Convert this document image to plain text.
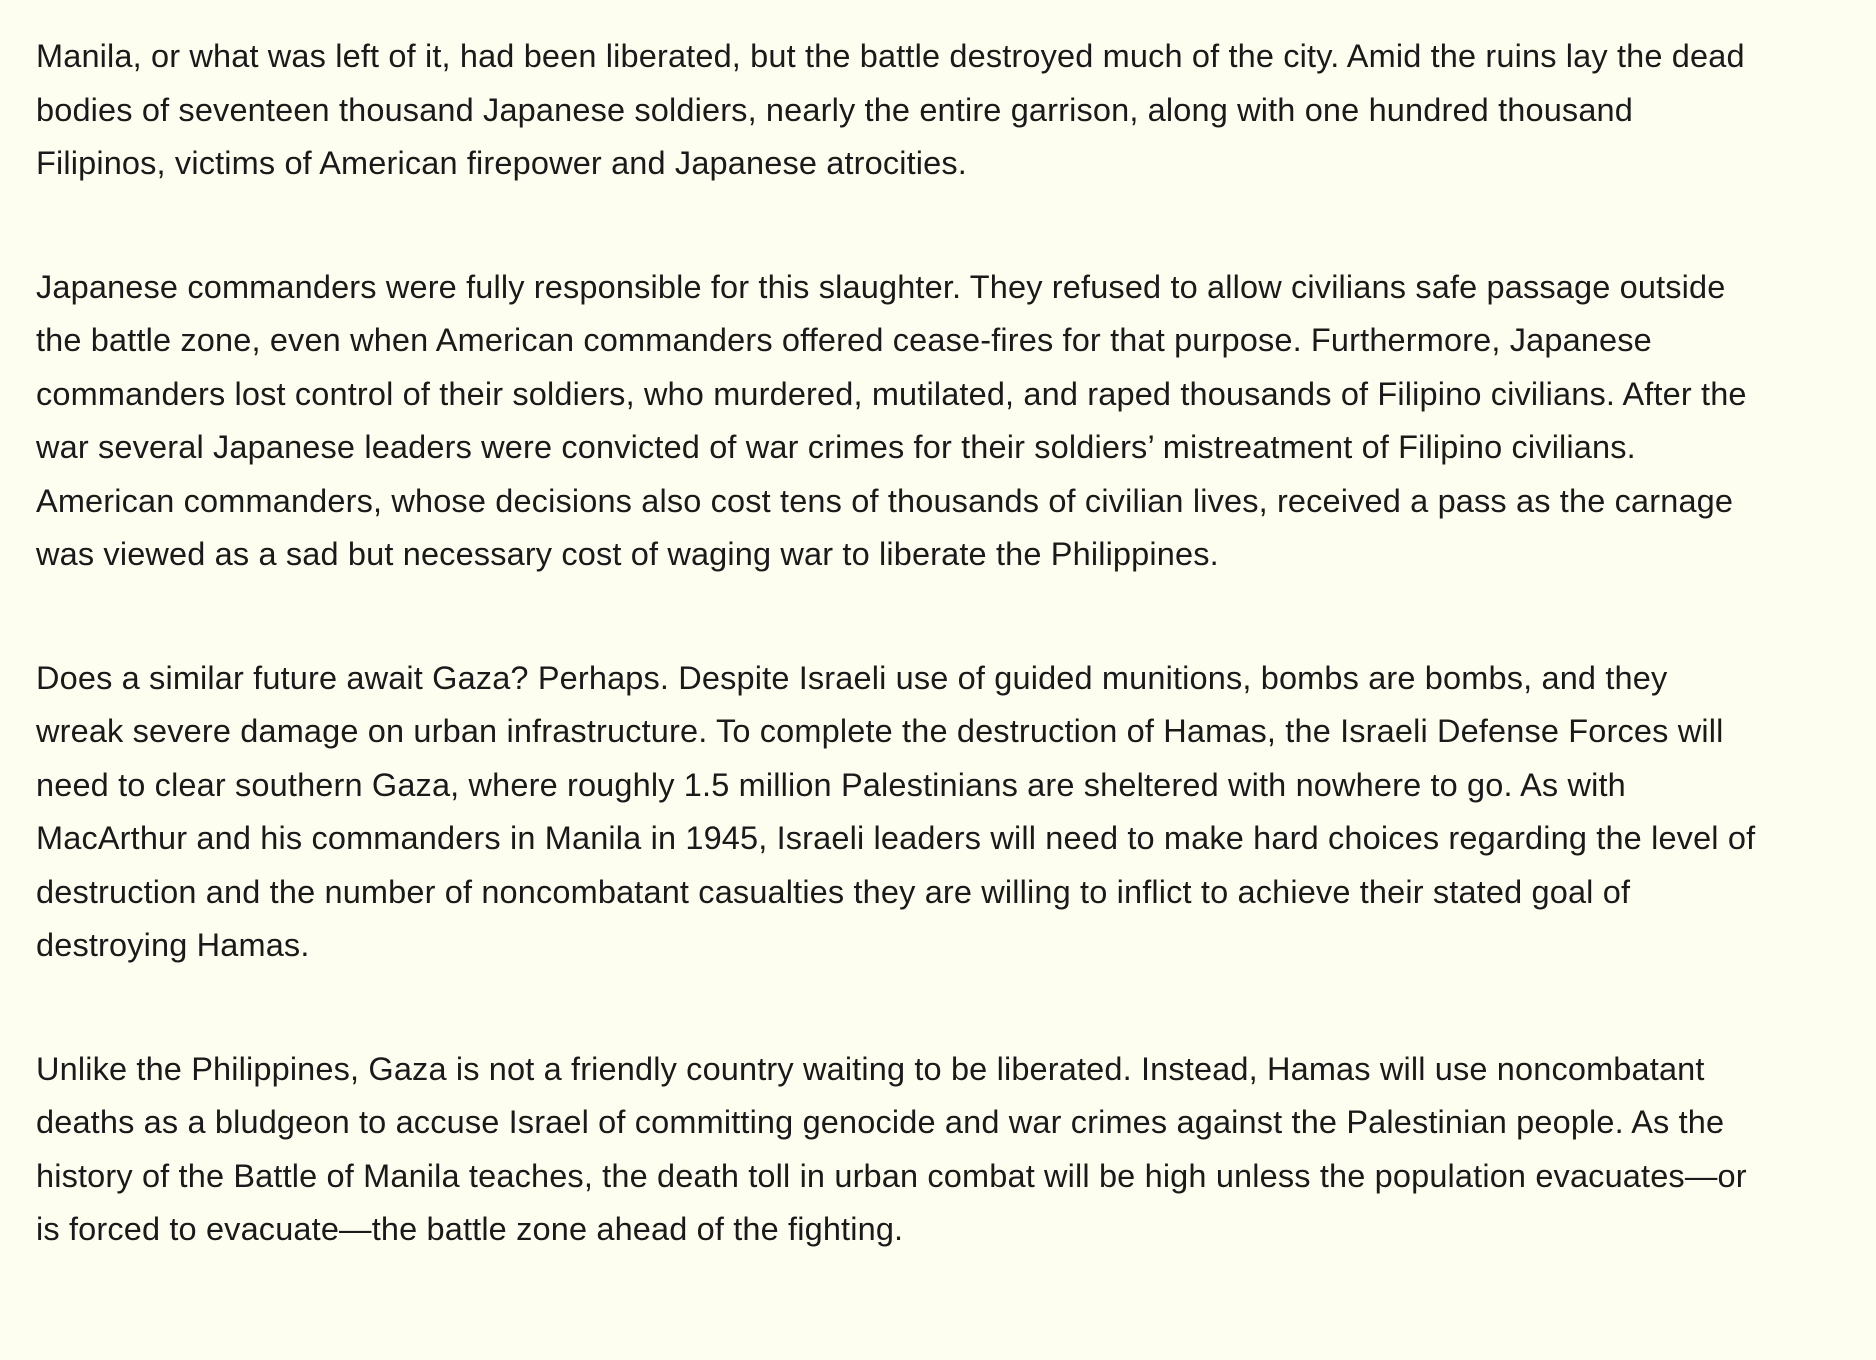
Manila, or what was left of it, had been liberated, but the battle destroyed much of the city. Amid the ruins lay the dead bodies of seventeen thousand Japanese soldiers, nearly the entire garrison, along with one hundred thousand Filipinos, victims of American firepower and Japanese atrocities.

Japanese commanders were fully responsible for this slaughter. They refused to allow civilians safe passage outside the battle zone, even when American commanders offered cease-fires for that purpose. Furthermore, Japanese commanders lost control of their soldiers, who murdered, mutilated, and raped thousands of Filipino civilians. After the war several Japanese leaders were convicted of war crimes for their soldiers’ mistreatment of Filipino civilians. American commanders, whose decisions also cost tens of thousands of civilian lives, received a pass as the carnage was viewed as a sad but necessary cost of waging war to liberate the Philippines.

Does a similar future await Gaza? Perhaps. Despite Israeli use of guided munitions, bombs are bombs, and they wreak severe damage on urban infrastructure. To complete the destruction of Hamas, the Israeli Defense Forces will need to clear southern Gaza, where roughly 1.5 million Palestinians are sheltered with nowhere to go. As with MacArthur and his commanders in Manila in 1945, Israeli leaders will need to make hard choices regarding the level of destruction and the number of noncombatant casualties they are willing to inflict to achieve their stated goal of destroying Hamas.

Unlike the Philippines, Gaza is not a friendly country waiting to be liberated. Instead, Hamas will use noncombatant deaths as a bludgeon to accuse Israel of committing genocide and war crimes against the Palestinian people. As the history of the Battle of Manila teaches, the death toll in urban combat will be high unless the population evacuates—or is forced to evacuate—the battle zone ahead of the fighting.
